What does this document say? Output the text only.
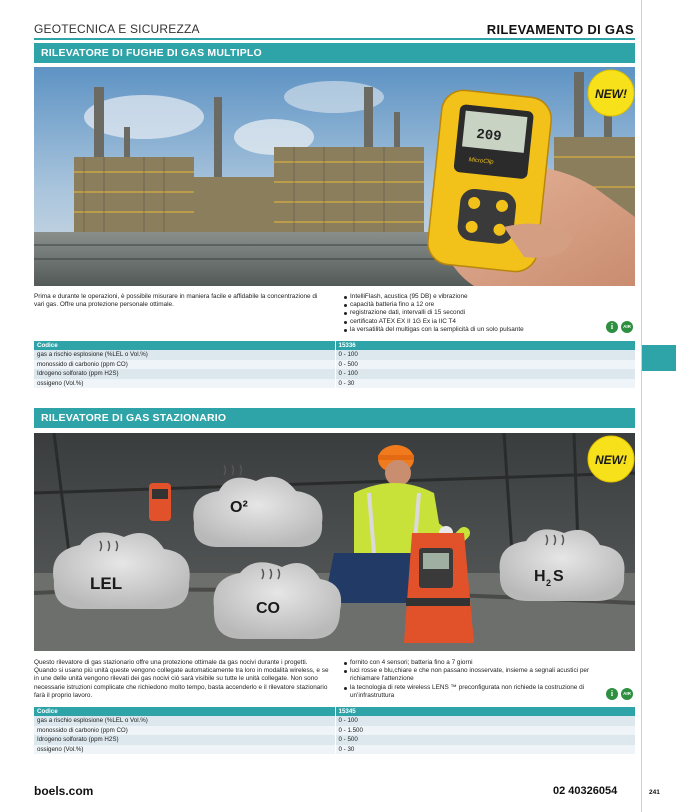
GEOTECNICA E SICUREZZA	RILEVAMENTO DI GAS
RILEVATORE DI FUGHE DI GAS MULTIPLO
209
MicroClip
NEW!
Prima e durante le operazioni, è possibile misurare in maniera facile e affidabile la concentrazione di vari gas. Offre una protezione personale ottimale.
IntelliFlash, acustica (95 DB) e vibrazione
capacità batteria fino a 12 ore
registrazione dati, intervalli di 15 secondi
certificato ATEX EX II 1G Ex ia IIC T4
la versatilità del multigas con la semplicità di un solo pulsante	i	AIR
Codice	15336
gas a rischio esplosione (%LEL o Vol.%)	0 - 100
monossido di carbonio (ppm CO)	0 - 500
Idrogeno solforato (ppm H2S)	0 - 100
ossigeno (Vol.%)	0 - 30
RILEVATORE DI GAS STAZIONARIO
O²
LEL
CO
H 2 S
NEW!
Questo rilevatore di gas stazionario offre una protezione ottimale da gas nocivi durante i progetti. Quando si usano più unità queste vengono collegate automaticamente tra loro in modalità wireless, e se in une delle unità vengono rilevati dei gas nocivi ciò sarà visibile su tutte le unità collegate. Non sono necessarie istruzioni complicate che richiedono molto tempo, basta accenderlo e il rilevatore stazionario farà il proprio lavoro.
fornito con 4 sensori; batteria fino a 7 giorni
luci rosse e blu,chiare e che non passano inosservate, insieme a segnali acustici per richiamare l'attenzione
la tecnologia di rete wireless LENS ™ preconfigurata non richiede la costruzione di un'infrastruttura	i	AIR
Codice	15345
gas a rischio esplosione (%LEL o Vol.%)	0 - 100
monossido di carbonio (ppm CO)	0 - 1.500
Idrogeno solforato (ppm H2S)	0 - 500
ossigeno (Vol.%)	0 - 30
boels.com	02 40326054	241
